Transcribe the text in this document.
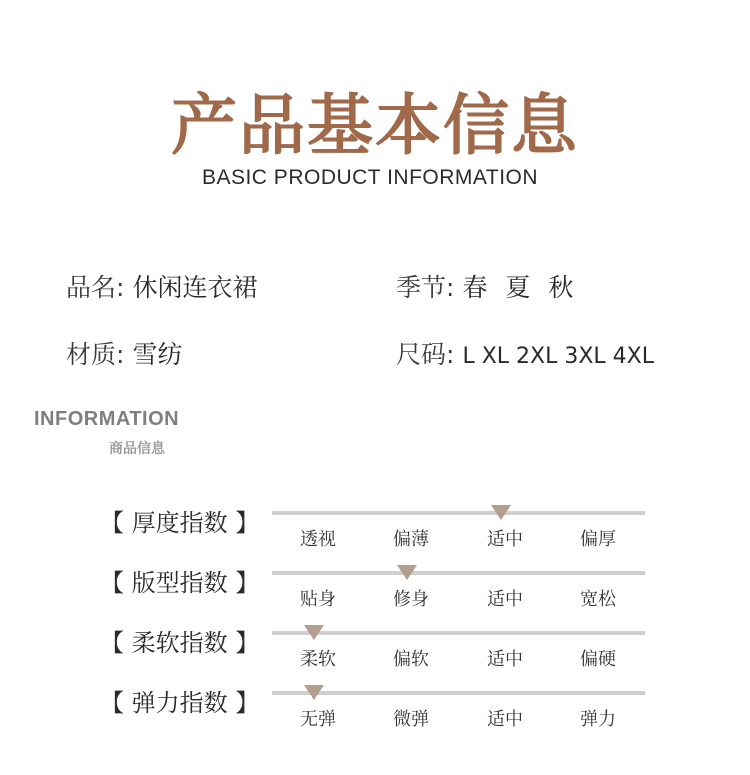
产品基本信息
BASIC PRODUCT INFORMATION
品名: 休闲连衣裙	季节: 春 夏 秋
材质: 雪纺	尺码: L XL 2XL 3XL 4XL
INFORMATION
商品信息
【 厚度指数 】
透视	偏薄	适中	偏厚
【 版型指数 】
贴身	修身	适中	宽松
【 柔软指数 】
柔软	偏软	适中	偏硬
【 弹力指数 】
无弹	微弹	适中	弹力
